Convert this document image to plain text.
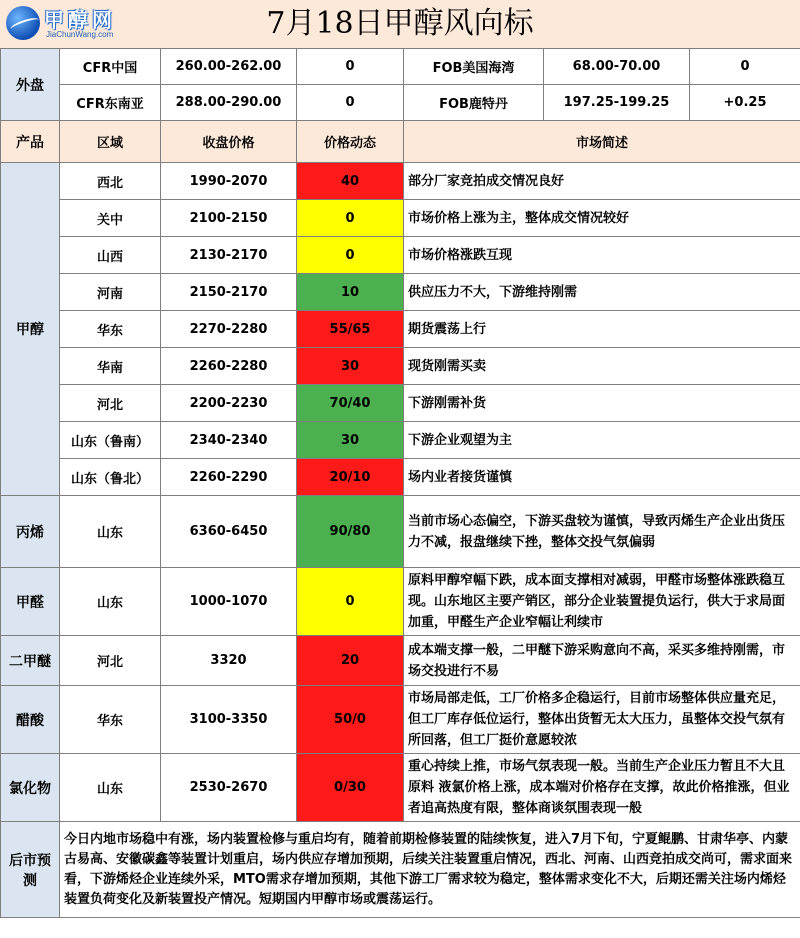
7月18日甲醇风向标
甲醇网
JiaChunWang.com
外盘	CFR中国	260.00-262.00	0	FOB美国海湾	68.00-70.00	0
	CFR东南亚	288.00-290.00	0	FOB鹿特丹	197.25-199.25	+0.25
产品	区域	收盘价格	价格动态	市场简述
甲醇	西北	1990-2070	40	部分厂家竞拍成交情况良好
	关中	2100-2150	0	市场价格上涨为主，整体成交情况较好
	山西	2130-2170	0	市场价格涨跌互现
	河南	2150-2170	10	供应压力不大，下游维持刚需
	华东	2270-2280	55/65	期货震荡上行
	华南	2260-2280	30	现货刚需买卖
	河北	2200-2230	70/40	下游刚需补货
	山东（鲁南）	2340-2340	30	下游企业观望为主
	山东（鲁北）	2260-2290	20/10	场内业者接货谨慎
丙烯	山东	6360-6450	90/80	当前市场心态偏空，下游买盘较为谨慎，导致丙烯生产企业出货压力不减，报盘继续下挫，整体交投气氛偏弱
甲醛	山东	1000-1070	0	原料甲醇窄幅下跌，成本面支撑相对减弱，甲醛市场整体涨跌稳互现。山东地区主要产销区，部分企业装置提负运行，供大于求局面加重，甲醛生产企业窄幅让利续市
二甲醚	河北	3320	20	成本端支撑一般，二甲醚下游采购意向不高，采买多维持刚需，市场交投进行不易
醋酸	华东	3100-3350	50/0	市场局部走低，工厂价格多企稳运行，目前市场整体供应量充足，但工厂库存低位运行，整体出货暂无太大压力，虽整体交投气氛有所回落，但工厂挺价意愿较浓
氯化物	山东	2530-2670	0/30	重心持续上推，市场气氛表现一般。当前生产企业压力暂且不大且原料 液氯价格上涨，成本端对价格存在支撑，故此价格推涨，但业者追高热度有限，整体商谈氛围表现一般
后市预测	今日内地市场稳中有涨，场内装置检修与重启均有，随着前期检修装置的陆续恢复，进入7月下旬，宁夏鲲鹏、甘肃华亭、内蒙古易高、安徽碳鑫等装置计划重启，场内供应存增加预期，后续关注装置重启情况，西北、河南、山西竞拍成交尚可，需求面来看，下游烯烃企业连续外采，MTO需求存增加预期，其他下游工厂需求较为稳定，整体需求变化不大，后期还需关注场内烯烃装置负荷变化及新装置投产情况。短期国内甲醇市场或震荡运行。			
